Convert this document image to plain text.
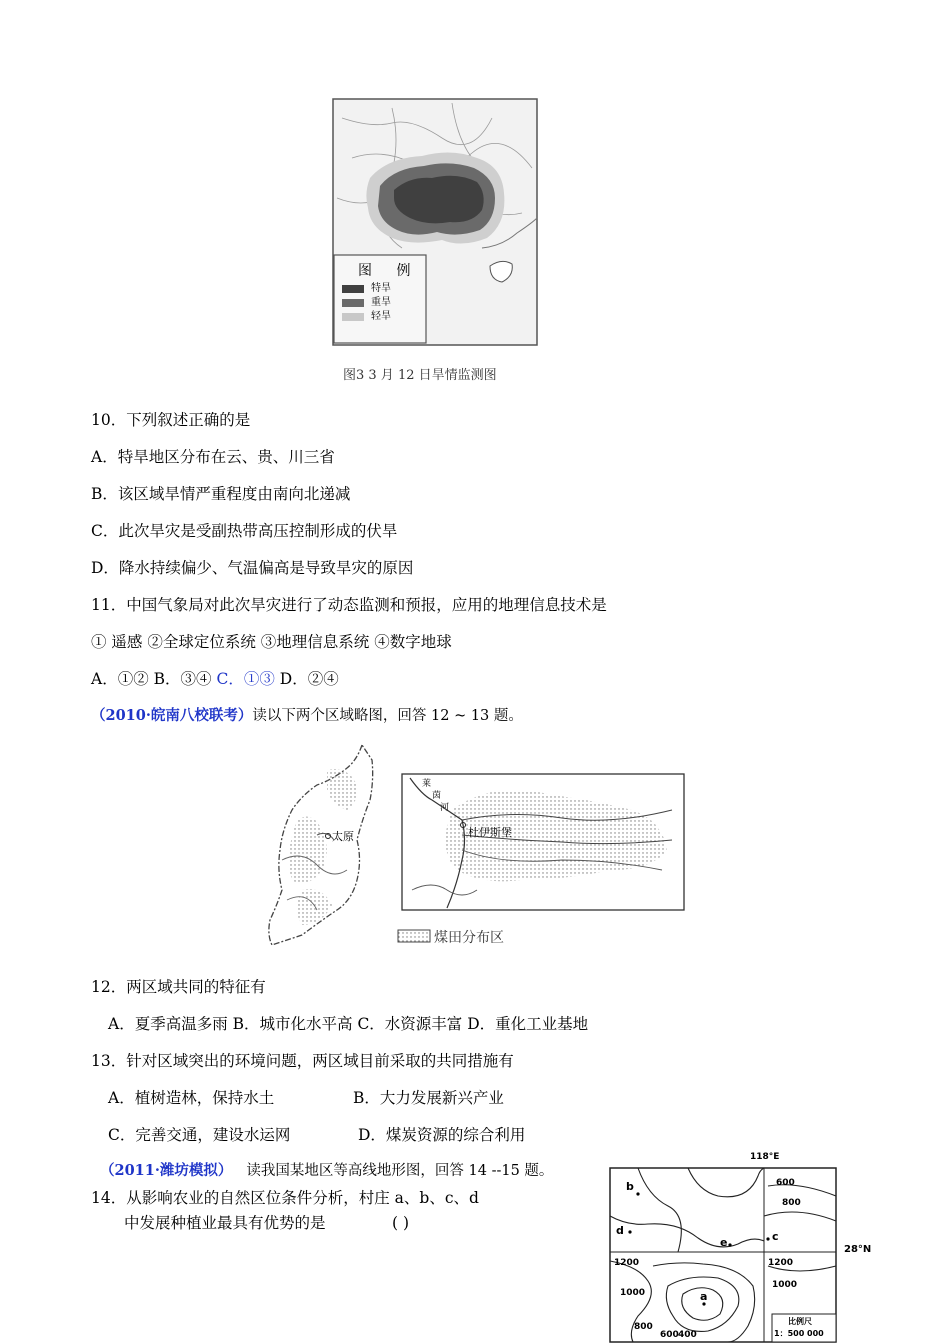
图 例
特旱
重旱
轻旱
图3 3 月 12 日旱情监测图
10．下列叙述正确的是
A．特旱地区分布在云、贵、川三省
B．该区域旱情严重程度由南向北递减
C．此次旱灾是受副热带高压控制形成的伏旱
D．降水持续偏少、气温偏高是导致旱灾的原因
11．中国气象局对此次旱灾进行了动态监测和预报，应用的地理信息技术是
① 遥感 ②全球定位系统 ③地理信息系统 ④数字地球
A．①② B．③④ C．①③ D．②④
（2010·皖南八校联考）读以下两个区域略图，回答 12 ~ 13 题。
太原
莱
茵
河
杜伊斯堡
煤田分布区
12．两区域共同的特征有
A．夏季高温多雨 B．城市化水平高 C．水资源丰富 D．重化工业基地
13．针对区域突出的环境问题，两区域目前采取的共同措施有
A．植树造林，保持水土	B．大力发展新兴产业
C．完善交通，建设水运网	D．煤炭资源的综合利用
（2011·潍坊模拟） 读我国某地区等高线地形图，回答 14 --15 题。
14．从影响农业的自然区位条件分析，村庄 a、b、c、d
中发展种植业最具有优势的是	( )
118°E
600
800
1200
1000
1200
1000
800
600 400
b
d
e	c
a
比例尺
1：500 000
28°N
